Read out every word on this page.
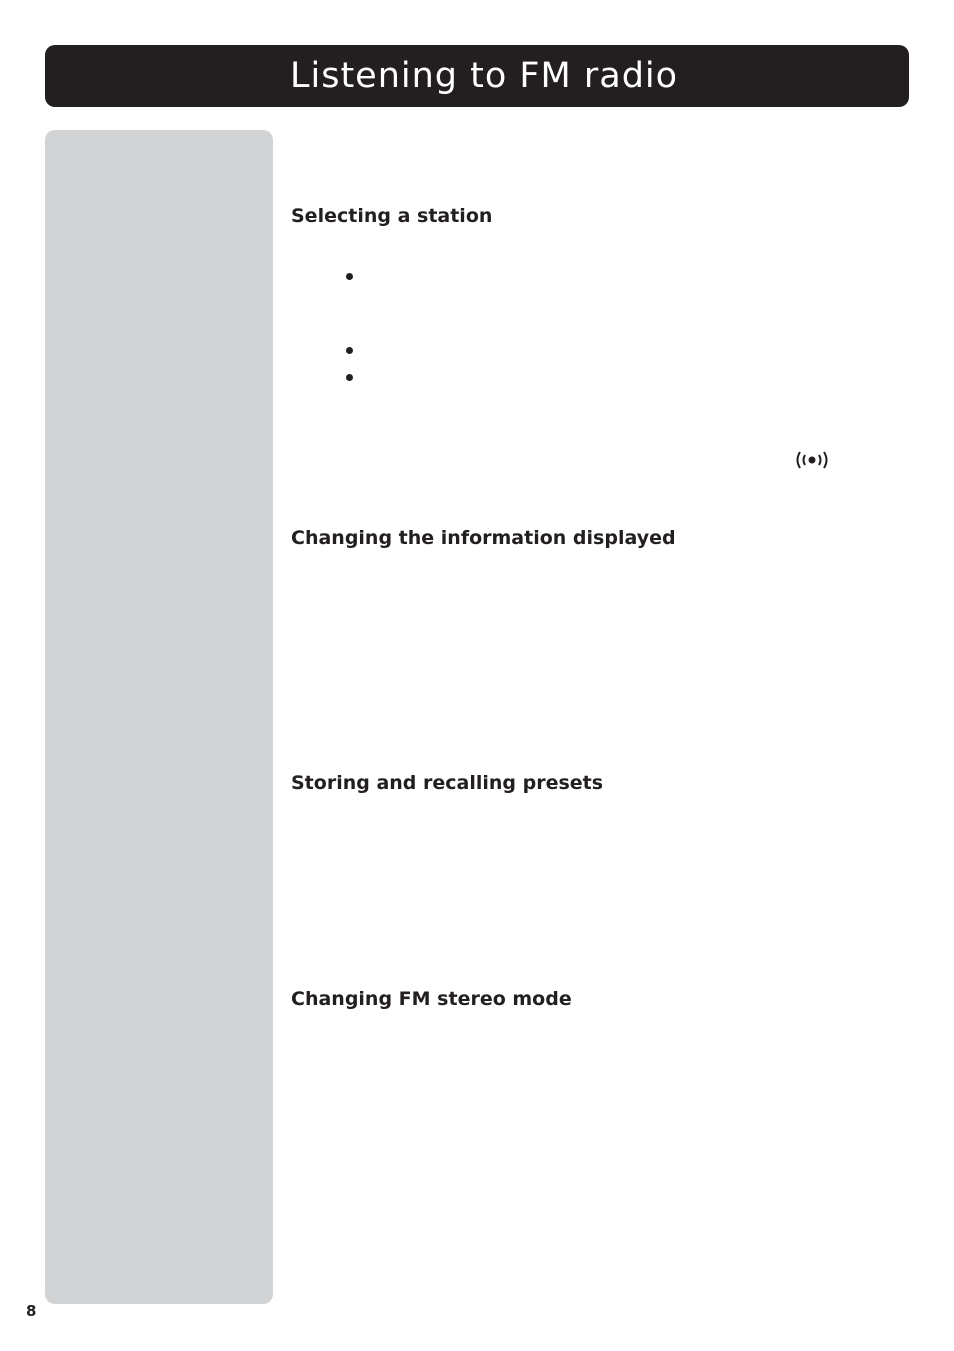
Listening to FM radio
Selecting a station
Changing the information displayed
Storing and recalling presets
Changing FM stereo mode
8
